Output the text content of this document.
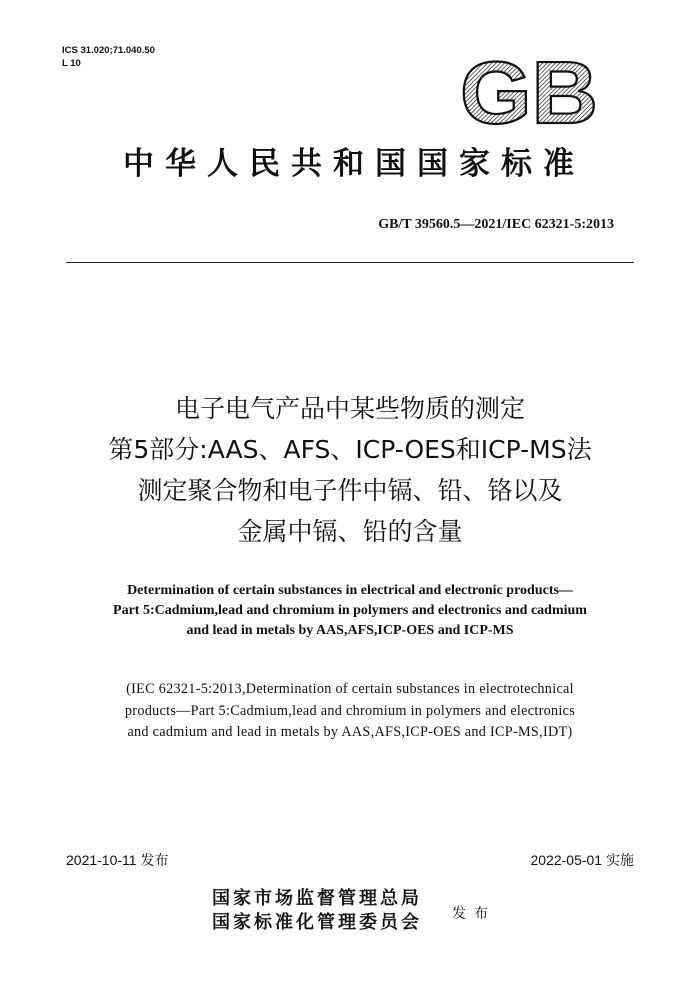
ICS 31.020;71.040.50
L 10	GB
中华人民共和国国家标准
GB/T 39560.5—2021/IEC 62321-5:2013
电子电气产品中某些物质的测定
第5部分:AAS、AFS、ICP-OES和ICP-MS法
测定聚合物和电子件中镉、铅、铬以及
金属中镉、铅的含量
Determination of certain substances in electrical and electronic products—
Part 5:Cadmium,lead and chromium in polymers and electronics and cadmium
and lead in metals by AAS,AFS,ICP-OES and ICP-MS
(IEC 62321-5:2013,Determination of certain substances in electrotechnical
products—Part 5:Cadmium,lead and chromium in polymers and electronics
and cadmium and lead in metals by AAS,AFS,ICP-OES and ICP-MS,IDT)
2021-10-11 发布	2022-05-01 实施
国家市场监督管理总局
国家标准化管理委员会 发布
